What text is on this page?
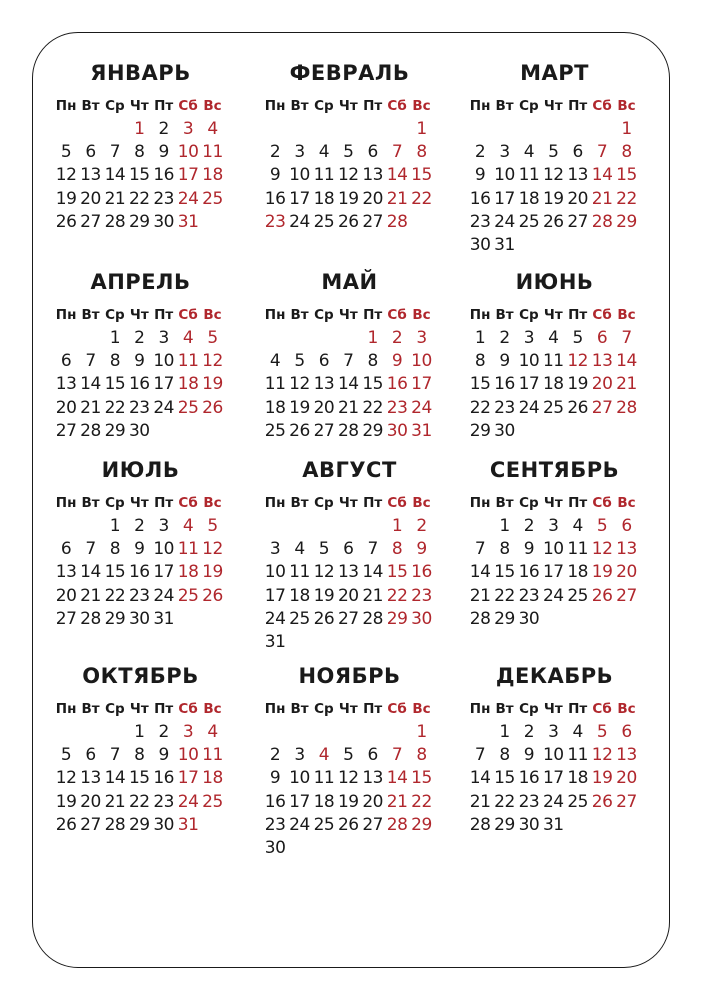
ЯНВАРЬ
Пн Вт Ср Чт Пт Сб Вс
1 2 3 4
5 6 7 8 9 10 11
12 13 14 15 16 17 18
19 20 21 22 23 24 25
26 27 28 29 30 31
ФЕВРАЛЬ
Пн Вт Ср Чт Пт Сб Вс
1
2 3 4 5 6 7 8
9 10 11 12 13 14 15
16 17 18 19 20 21 22
23 24 25 26 27 28
МАРТ
Пн Вт Ср Чт Пт Сб Вс
1
2 3 4 5 6 7 8
9 10 11 12 13 14 15
16 17 18 19 20 21 22
23 24 25 26 27 28 29
30 31
АПРЕЛЬ
Пн Вт Ср Чт Пт Сб Вс
1 2 3 4 5
6 7 8 9 10 11 12
13 14 15 16 17 18 19
20 21 22 23 24 25 26
27 28 29 30
МАЙ
Пн Вт Ср Чт Пт Сб Вс
1 2 3
4 5 6 7 8 9 10
11 12 13 14 15 16 17
18 19 20 21 22 23 24
25 26 27 28 29 30 31
ИЮНЬ
Пн Вт Ср Чт Пт Сб Вс
1 2 3 4 5 6 7
8 9 10 11 12 13 14
15 16 17 18 19 20 21
22 23 24 25 26 27 28
29 30
ИЮЛЬ
Пн Вт Ср Чт Пт Сб Вс
1 2 3 4 5
6 7 8 9 10 11 12
13 14 15 16 17 18 19
20 21 22 23 24 25 26
27 28 29 30 31
АВГУСТ
Пн Вт Ср Чт Пт Сб Вс
1 2
3 4 5 6 7 8 9
10 11 12 13 14 15 16
17 18 19 20 21 22 23
24 25 26 27 28 29 30
31
СЕНТЯБРЬ
Пн Вт Ср Чт Пт Сб Вс
1 2 3 4 5 6
7 8 9 10 11 12 13
14 15 16 17 18 19 20
21 22 23 24 25 26 27
28 29 30
ОКТЯБРЬ
Пн Вт Ср Чт Пт Сб Вс
1 2 3 4
5 6 7 8 9 10 11
12 13 14 15 16 17 18
19 20 21 22 23 24 25
26 27 28 29 30 31
НОЯБРЬ
Пн Вт Ср Чт Пт Сб Вс
1
2 3 4 5 6 7 8
9 10 11 12 13 14 15
16 17 18 19 20 21 22
23 24 25 26 27 28 29
30
ДЕКАБРЬ
Пн Вт Ср Чт Пт Сб Вс
1 2 3 4 5 6
7 8 9 10 11 12 13
14 15 16 17 18 19 20
21 22 23 24 25 26 27
28 29 30 31
